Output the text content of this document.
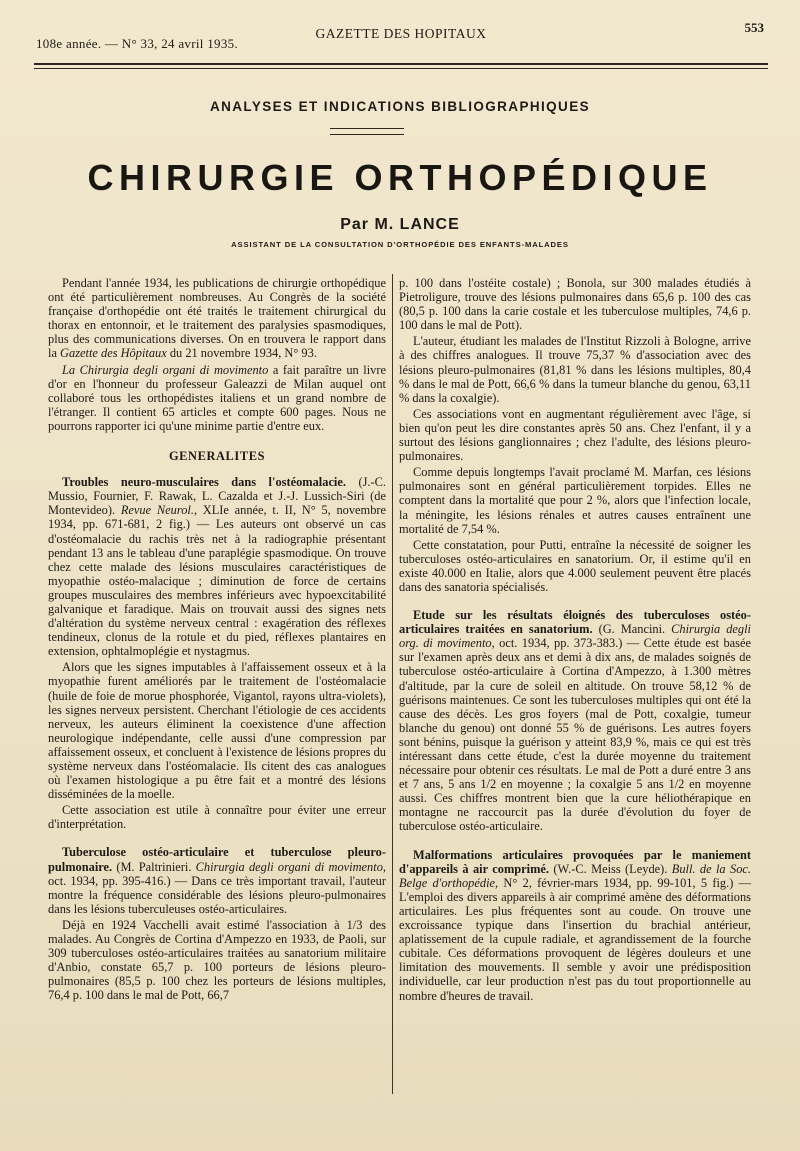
108e année. — N° 33, 24 avril 1935.
GAZETTE DES HOPITAUX	553
ANALYSES ET INDICATIONS BIBLIOGRAPHIQUES
CHIRURGIE ORTHOPÉDIQUE
Par M. LANCE
ASSISTANT DE LA CONSULTATION D'ORTHOPÉDIE DES ENFANTS-MALADES

Pendant l'année 1934, les publications de chirurgie orthopédique ont été particulièrement nombreuses. Au Congrès de la société française d'orthopédie ont été traités le traitement chirurgical du thorax en entonnoir, et le traitement des paralysies spasmodiques, plus des communications diverses. On en trouvera le rapport dans la Gazette des Hôpitaux du 21 novembre 1934, N° 93.

La Chirurgia degli organi di movimento a fait paraître un livre d'or en l'honneur du professeur Galeazzi de Milan auquel ont collaboré tous les orthopédistes italiens et un grand nombre de l'étranger. Il contient 65 articles et compte 600 pages. Nous ne pourrons rapporter ici qu'une minime partie d'entre eux.

GENERALITES

Troubles neuro-musculaires dans l'ostéomalacie. (J.-C. Mussio, Fournier, F. Rawak, L. Cazalda et J.-J. Lussich-Siri (de Montevideo). Revue Neurol., XLIe année, t. II, N° 5, novembre 1934, pp. 671-681, 2 fig.) — Les auteurs ont observé un cas d'ostéomalacie du rachis très net à la radiographie présentant pendant 13 ans le tableau d'une paraplégie spasmodique. On trouve chez cette malade des lésions musculaires caractéristiques de myopathie ostéo-malacique ; diminution de force de certains groupes musculaires des membres inférieurs avec hypoexcitabilité galvanique et faradique. Mais on trouvait aussi des signes nets d'altération du système nerveux central : exagération des réflexes tendineux, clonus de la rotule et du pied, réflexes plantaires en extension, ophtalmoplégie et nystagmus.

Alors que les signes imputables à l'affaissement osseux et à la myopathie furent améliorés par le traitement de l'ostéomalacie (huile de foie de morue phosphorée, Vigantol, rayons ultra-violets), les signes nerveux persistent. Cherchant l'étiologie de ces accidents nerveux, les auteurs éliminent la coexistence d'une affection neurologique indépendante, celle aussi d'une compression par affaissement osseux, et concluent à l'existence de lésions propres du système nerveux dans l'ostéomalacie. Ils citent des cas analogues où l'examen histologique a pu être fait et a montré des lésions disséminées de la moelle.

Cette association est utile à connaître pour éviter une erreur d'interprétation.

Tuberculose ostéo-articulaire et tuberculose pleuro-pulmonaire. (M. Paltrinieri. Chirurgia degli organi di movimento, oct. 1934, pp. 395-416.) — Dans ce très important travail, l'auteur montre la fréquence considérable des lésions pleuro-pulmonaires dans les lésions tuberculeuses ostéo-articulaires.

Déjà en 1924 Vacchelli avait estimé l'association à 1/3 des malades. Au Congrès de Cortina d'Ampezzo en 1933, de Paoli, sur 309 tuberculoses ostéo-articulaires traitées au sanatorium militaire d'Anbio, constate 65,7 p. 100 porteurs de lésions pleuro-pulmonaires (85,5 p. 100 chez les porteurs de lésions multiples, 76,4 p. 100 dans le mal de Pott, 66,7

p. 100 dans l'ostéite costale) ; Bonola, sur 300 malades étudiés à Pietroligure, trouve des lésions pulmonaires dans 65,6 p. 100 des cas (80,5 p. 100 dans la carie costale et les tuberculose multiples, 74,6 p. 100 dans le mal de Pott).

L'auteur, étudiant les malades de l'Institut Rizzoli à Bologne, arrive à des chiffres analogues. Il trouve 75,37 % d'association avec des lésions pleuro-pulmonaires (81,81 % dans les lésions multiples, 80,4 % dans le mal de Pott, 66,6 % dans la tumeur blanche du genou, 63,11 % dans la coxalgie).

Ces associations vont en augmentant régulièrement avec l'âge, si bien qu'on peut les dire constantes après 50 ans. Chez l'enfant, il y a surtout des lésions ganglionnaires ; chez l'adulte, des lésions pleuro-pulmonaires.

Comme depuis longtemps l'avait proclamé M. Marfan, ces lésions pulmonaires sont en général particulièrement torpides. Elles ne comptent dans la mortalité que pour 2 %, alors que l'infection locale, la méningite, les lésions rénales et autres causes entraînent une mortalité de 7,54 %.

Cette constatation, pour Putti, entraîne la nécessité de soigner les tuberculoses ostéo-articulaires en sanatorium. Or, il estime qu'il en existe 40.000 en Italie, alors que 4.000 seulement peuvent être placés dans des sanatoria spécialisés.

Etude sur les résultats éloignés des tuberculoses ostéo-articulaires traitées en sanatorium. (G. Mancini. Chirurgia degli org. di movimento, oct. 1934, pp. 373-383.) — Cette étude est basée sur l'examen après deux ans et demi à dix ans, de malades soignés de tuberculose ostéo-articulaire à Cortina d'Ampezzo, à 1.300 mètres d'altitude, par la cure de soleil en altitude. On trouve 58,12 % de guérisons maintenues. Ce sont les tuberculoses multiples qui ont été la cause des décès. Les gros foyers (mal de Pott, coxalgie, tumeur blanche du genou) ont donné 55 % de guérisons. Les autres foyers sont bénins, puisque la guérison y atteint 83,9 %, mais ce qui est très intéressant dans cette étude, c'est la durée moyenne du traitement nécessaire pour obtenir ces résultats. Le mal de Pott a duré entre 3 ans et 7 ans, 5 ans 1/2 en moyenne ; la coxalgie 5 ans 1/2 en moyenne aussi. Ces chiffres montrent bien que la cure héliothérapique en montagne ne raccourcit pas la durée d'évolution du foyer de tuberculose ostéo-articulaire.

Malformations articulaires provoquées par le maniement d'appareils à air comprimé. (W.-C. Meiss (Leyde). Bull. de la Soc. Belge d'orthopédie, N° 2, février-mars 1934, pp. 99-101, 5 fig.) — L'emploi des divers appareils à air comprimé amène des déformations articulaires. Les plus fréquentes sont au coude. On trouve une excroissance typique dans l'insertion du brachial antérieur, aplatissement de la cupule radiale, et agrandissement de la fourche cubitale. Ces déformations provoquent de légères douleurs et une limitation des mouvements. Il semble y avoir une prédisposition individuelle, car leur production n'est pas du tout proportionnelle au nombre d'heures de travail.
